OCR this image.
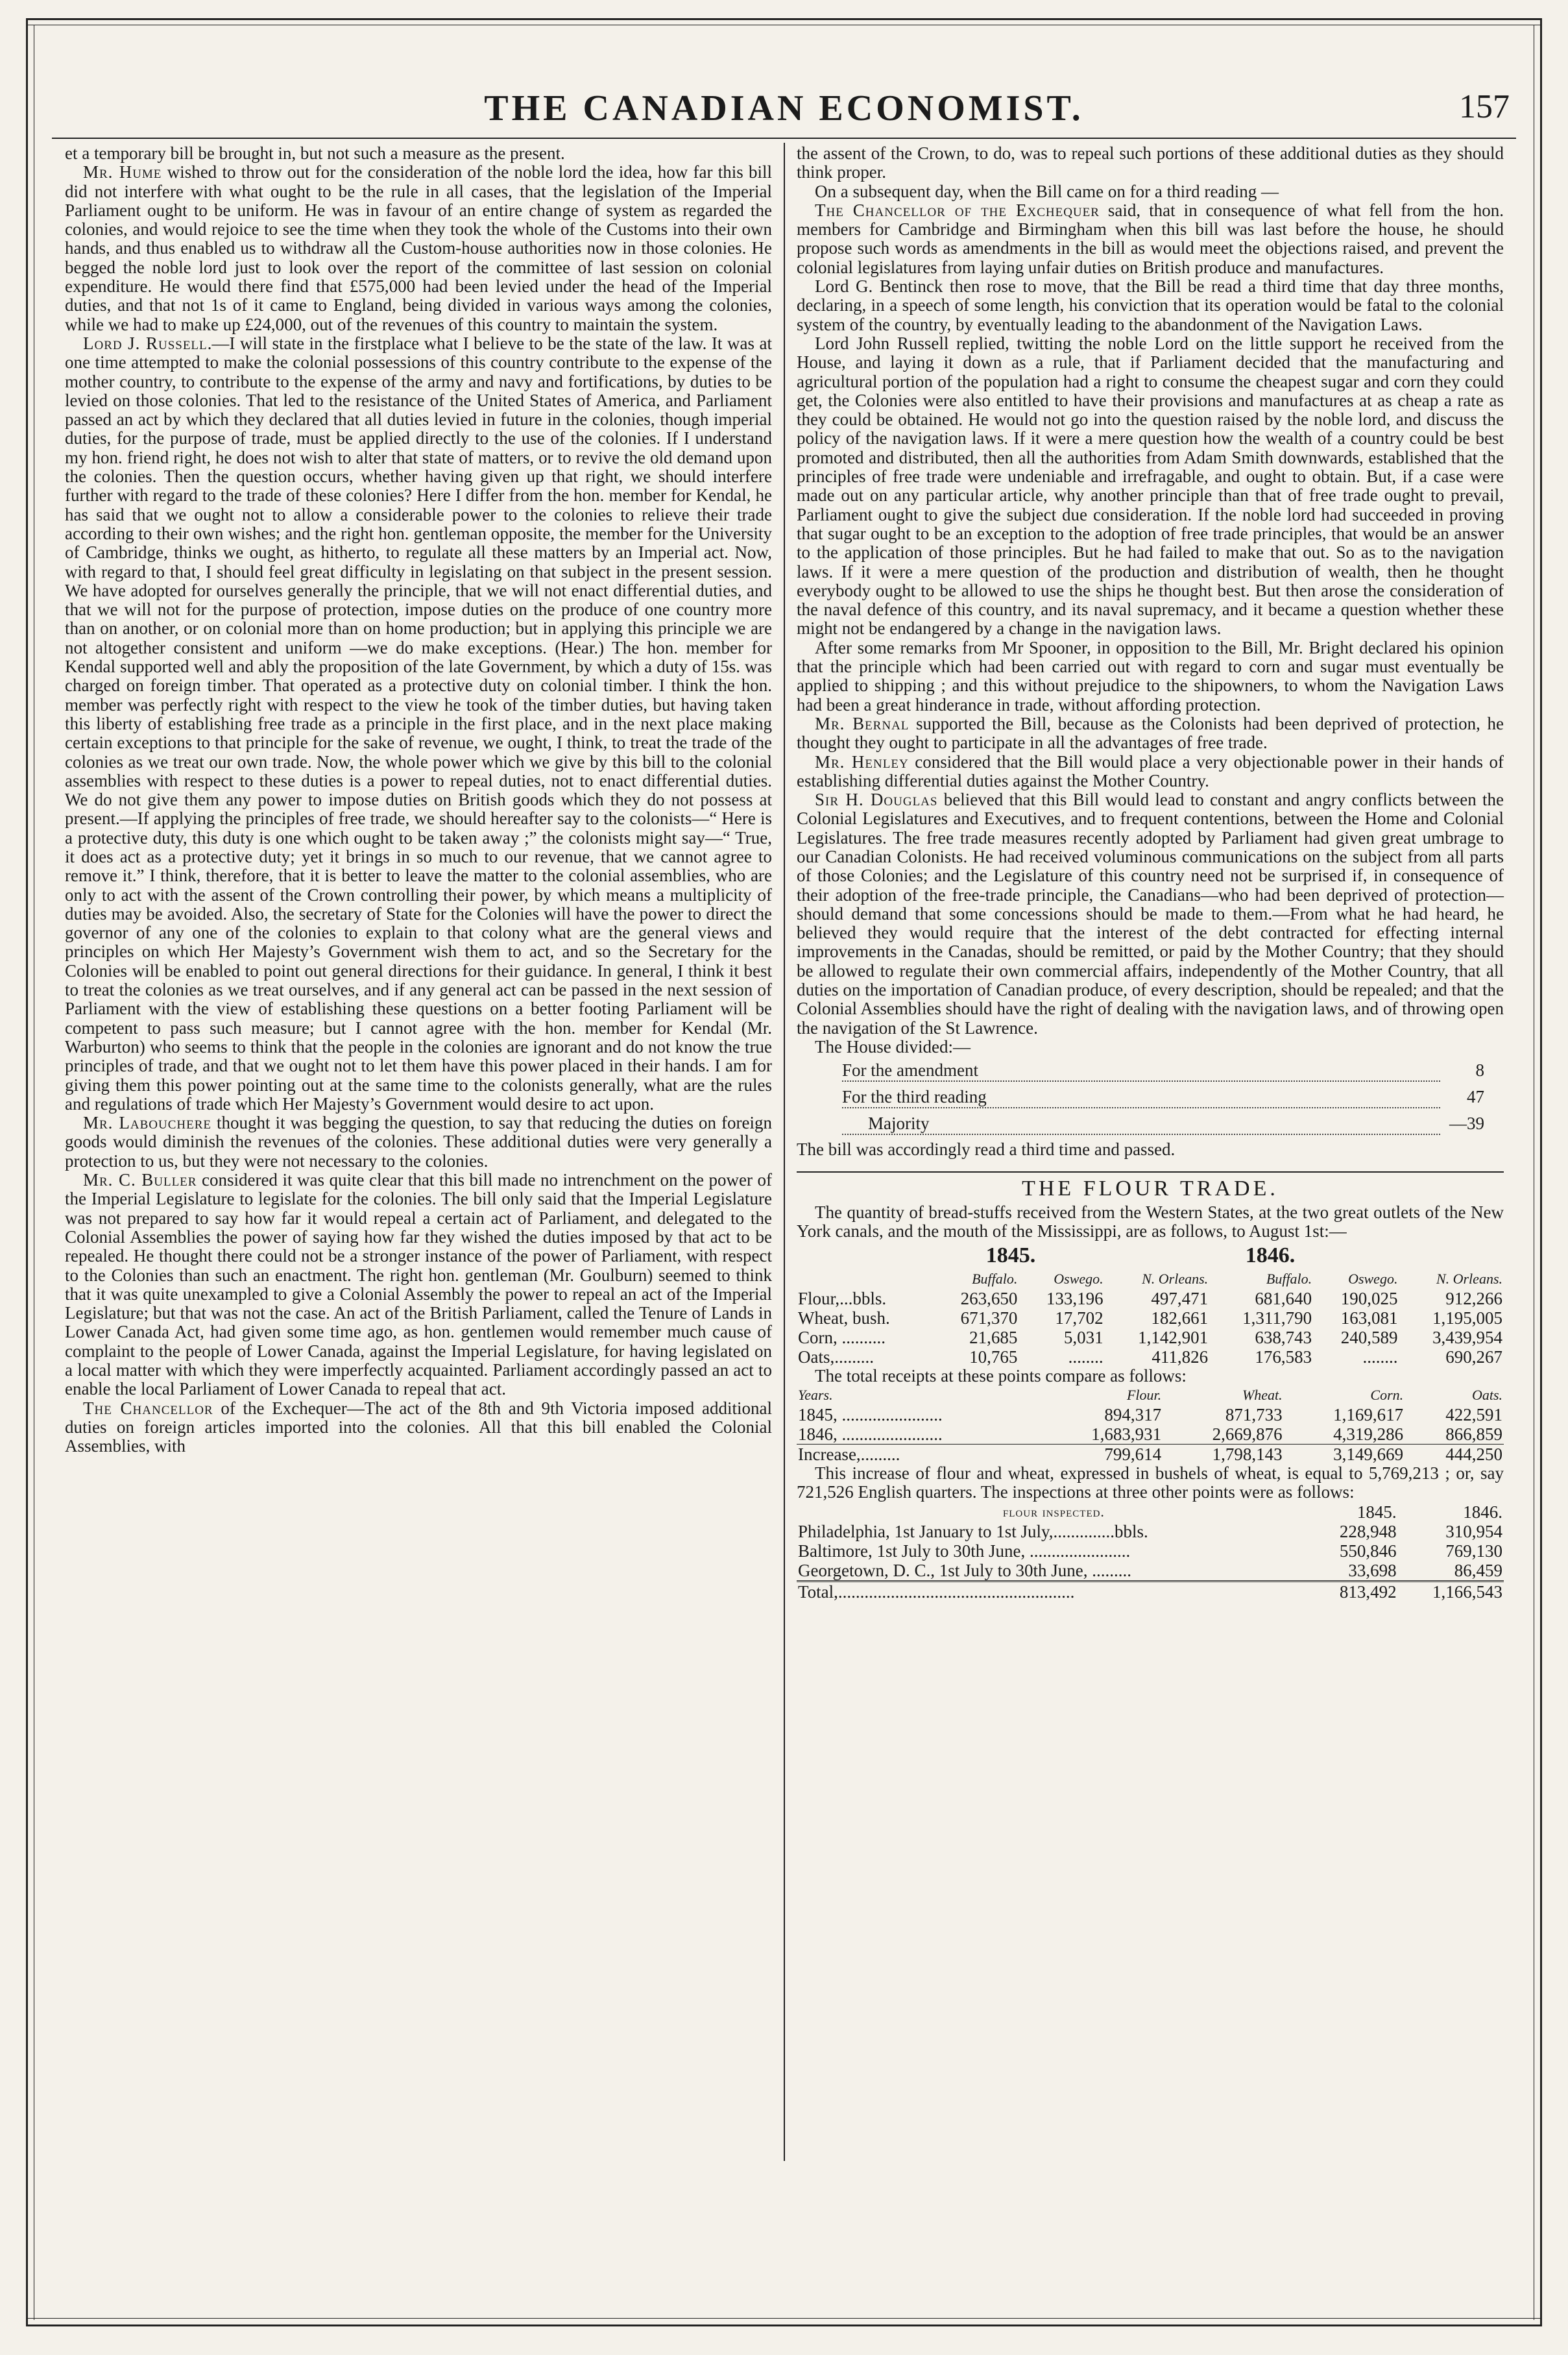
THE CANADIAN ECONOMIST.	157

et a temporary bill be brought in, but not such a measure as the present.

Mr. Hume wished to throw out for the consideration of the noble lord the idea, how far this bill did not interfere with what ought to be the rule in all cases, that the legislation of the Imperial Parliament ought to be uniform. He was in favour of an entire change of system as regarded the colonies, and would rejoice to see the time when they took the whole of the Customs into their own hands, and thus enabled us to withdraw all the Custom-house authorities now in those colonies. He begged the noble lord just to look over the report of the committee of last session on colonial expenditure. He would there find that £575,000 had been levied under the head of the Imperial duties, and that not 1s of it came to England, being divided in various ways among the colonies, while we had to make up £24,000, out of the revenues of this country to maintain the system.

Lord J. Russell.—I will state in the firstplace what I believe to be the state of the law. It was at one time attempted to make the colonial possessions of this country contribute to the expense of the mother country, to contribute to the expense of the army and navy and fortifications, by duties to be levied on those colonies. That led to the resistance of the United States of America, and Parliament passed an act by which they declared that all duties levied in future in the colonies, though imperial duties, for the purpose of trade, must be applied directly to the use of the colonies. If I understand my hon. friend right, he does not wish to alter that state of matters, or to revive the old demand upon the colonies. Then the question occurs, whether having given up that right, we should interfere further with regard to the trade of these colonies? Here I differ from the hon. member for Kendal, he has said that we ought not to allow a considerable power to the colonies to relieve their trade according to their own wishes; and the right hon. gentleman opposite, the member for the University of Cambridge, thinks we ought, as hitherto, to regulate all these matters by an Imperial act. Now, with regard to that, I should feel great difficulty in legislating on that subject in the present session. We have adopted for ourselves generally the principle, that we will not enact differential duties, and that we will not for the purpose of protection, impose duties on the produce of one country more than on another, or on colonial more than on home production; but in applying this principle we are not altogether consistent and uniform —we do make exceptions. (Hear.) The hon. member for Kendal supported well and ably the proposition of the late Government, by which a duty of 15s. was charged on foreign timber. That operated as a protective duty on colonial timber. I think the hon. member was perfectly right with respect to the view he took of the timber duties, but having taken this liberty of establishing free trade as a principle in the first place, and in the next place making certain exceptions to that principle for the sake of revenue, we ought, I think, to treat the trade of the colonies as we treat our own trade. Now, the whole power which we give by this bill to the colonial assemblies with respect to these duties is a power to repeal duties, not to enact differential duties. We do not give them any power to impose duties on British goods which they do not possess at present.—If applying the principles of free trade, we should hereafter say to the colonists—“ Here is a protective duty, this duty is one which ought to be taken away ;” the colonists might say—“ True, it does act as a protective duty; yet it brings in so much to our revenue, that we cannot agree to remove it.” I think, therefore, that it is better to leave the matter to the colonial assemblies, who are only to act with the assent of the Crown controlling their power, by which means a multiplicity of duties may be avoided. Also, the secretary of State for the Colonies will have the power to direct the governor of any one of the colonies to explain to that colony what are the general views and principles on which Her Majesty’s Government wish them to act, and so the Secretary for the Colonies will be enabled to point out general directions for their guidance. In general, I think it best to treat the colonies as we treat ourselves, and if any general act can be passed in the next session of Parliament with the view of establishing these questions on a better footing Parliament will be competent to pass such measure; but I cannot agree with the hon. member for Kendal (Mr. Warburton) who seems to think that the people in the colonies are ignorant and do not know the true principles of trade, and that we ought not to let them have this power placed in their hands. I am for giving them this power pointing out at the same time to the colonists generally, what are the rules and regulations of trade which Her Majesty’s Government would desire to act upon.

Mr. Labouchere thought it was begging the question, to say that reducing the duties on foreign goods would diminish the revenues of the colonies. These additional duties were very generally a protection to us, but they were not necessary to the colonies.

Mr. C. Buller considered it was quite clear that this bill made no intrenchment on the power of the Imperial Legislature to legislate for the colonies. The bill only said that the Imperial Legislature was not prepared to say how far it would repeal a certain act of Parliament, and delegated to the Colonial Assemblies the power of saying how far they wished the duties imposed by that act to be repealed. He thought there could not be a stronger instance of the power of Parliament, with respect to the Colonies than such an enactment. The right hon. gentleman (Mr. Goulburn) seemed to think that it was quite unexampled to give a Colonial Assembly the power to repeal an act of the Imperial Legislature; but that was not the case. An act of the British Parliament, called the Tenure of Lands in Lower Canada Act, had given some time ago, as hon. gentlemen would remember much cause of complaint to the people of Lower Canada, against the Imperial Legislature, for having legislated on a local matter with which they were imperfectly acquainted. Parliament accordingly passed an act to enable the local Parliament of Lower Canada to repeal that act.

The Chancellor of the Exchequer—The act of the 8th and 9th Victoria imposed additional duties on foreign articles imported into the colonies. All that this bill enabled the Colonial Assemblies, with

the assent of the Crown, to do, was to repeal such portions of these additional duties as they should think proper.

On a subsequent day, when the Bill came on for a third reading —

The Chancellor of the Exchequer said, that in consequence of what fell from the hon. members for Cambridge and Birmingham when this bill was last before the house, he should propose such words as amendments in the bill as would meet the objections raised, and prevent the colonial legislatures from laying unfair duties on British produce and manufactures.

Lord G. Bentinck then rose to move, that the Bill be read a third time that day three months, declaring, in a speech of some length, his conviction that its operation would be fatal to the colonial system of the country, by eventually leading to the abandonment of the Navigation Laws.

Lord John Russell replied, twitting the noble Lord on the little support he received from the House, and laying it down as a rule, that if Parliament decided that the manufacturing and agricultural portion of the population had a right to consume the cheapest sugar and corn they could get, the Colonies were also entitled to have their provisions and manufactures at as cheap a rate as they could be obtained. He would not go into the question raised by the noble lord, and discuss the policy of the navigation laws. If it were a mere question how the wealth of a country could be best promoted and distributed, then all the authorities from Adam Smith downwards, established that the principles of free trade were undeniable and irrefragable, and ought to obtain. But, if a case were made out on any particular article, why another principle than that of free trade ought to prevail, Parliament ought to give the subject due consideration. If the noble lord had succeeded in proving that sugar ought to be an exception to the adoption of free trade principles, that would be an answer to the application of those principles. But he had failed to make that out. So as to the navigation laws. If it were a mere question of the production and distribution of wealth, then he thought everybody ought to be allowed to use the ships he thought best. But then arose the consideration of the naval defence of this country, and its naval supremacy, and it became a question whether these might not be endangered by a change in the navigation laws.

After some remarks from Mr Spooner, in opposition to the Bill, Mr. Bright declared his opinion that the principle which had been carried out with regard to corn and sugar must eventually be applied to shipping ; and this without prejudice to the shipowners, to whom the Navigation Laws had been a great hinderance in trade, without affording protection.

Mr. Bernal supported the Bill, because as the Colonists had been deprived of protection, he thought they ought to participate in all the advantages of free trade.

Mr. Henley considered that the Bill would place a very objectionable power in their hands of establishing differential duties against the Mother Country.

Sir H. Douglas believed that this Bill would lead to constant and angry conflicts between the Colonial Legislatures and Executives, and to frequent contentions, between the Home and Colonial Legislatures. The free trade measures recently adopted by Parliament had given great umbrage to our Canadian Colonists. He had received voluminous communications on the subject from all parts of those Colonies; and the Legislature of this country need not be surprised if, in consequence of their adoption of the free-trade principle, the Canadians—who had been deprived of protection—should demand that some concessions should be made to them.—From what he had heard, he believed they would require that the interest of the debt contracted for effecting internal improvements in the Canadas, should be remitted, or paid by the Mother Country; that they should be allowed to regulate their own commercial affairs, independently of the Mother Country, that all duties on the importation of Canadian produce, of every description, should be repealed; and that the Colonial Assemblies should have the right of dealing with the navigation laws, and of throwing open the navigation of the St Lawrence.

The House divided:—

For the amendment	8
For the third reading	47
Majority	—39

The bill was accordingly read a third time and passed.

THE FLOUR TRADE.

The quantity of bread-stuffs received from the Western States, at the two great outlets of the New York canals, and the mouth of the Mississippi, are as follows, to August 1st:—

1845.	1846.
	Buffalo.	Oswego.	N. Orleans.	Buffalo.	Oswego.	N. Orleans.
Flour,...bbls.	263,650	133,196	497,471	681,640	190,025	912,266
Wheat, bush.	671,370	17,702	182,661	1,311,790	163,081	1,195,005
Corn, ..........	21,685	5,031	1,142,901	638,743	240,589	3,439,954
Oats,.........	10,765	........	411,826	176,583	........	690,267

The total receipts at these points compare as follows:

Years.	Flour.	Wheat.	Corn.	Oats.
1845, .......................	894,317	871,733	1,169,617	422,591
1846, .......................	1,683,931	2,669,876	4,319,286	866,859
Increase,.........	799,614	1,798,143	3,149,669	444,250

This increase of flour and wheat, expressed in bushels of wheat, is equal to 5,769,213 ; or, say 721,526 English quarters. The inspections at three other points were as follows:

flour inspected.	1845.	1846.
Philadelphia, 1st January to 1st July,..............bbls.	228,948	310,954
Baltimore, 1st July to 30th June, .......................	550,846	769,130
Georgetown, D. C., 1st July to 30th June, .........	33,698	86,459
Total,......................................................	813,492	1,166,543
